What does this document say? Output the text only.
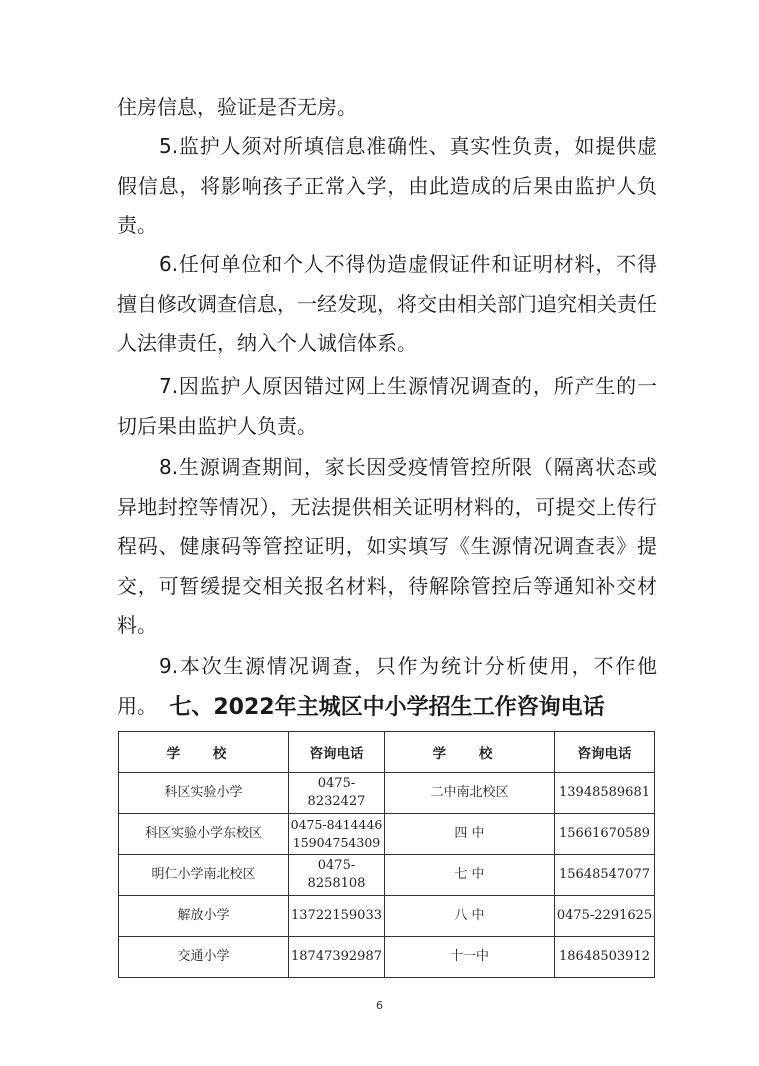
住房信息，验证是否无房。

5.监护人须对所填信息准确性、真实性负责，如提供虚假信息，将影响孩子正常入学，由此造成的后果由监护人负责。

6.任何单位和个人不得伪造虚假证件和证明材料，不得擅自修改调查信息，一经发现，将交由相关部门追究相关责任人法律责任，纳入个人诚信体系。

7.因监护人原因错过网上生源情况调查的，所产生的一切后果由监护人负责。

8.生源调查期间，家长因受疫情管控所限（隔离状态或异地封控等情况），无法提供相关证明材料的，可提交上传行程码、健康码等管控证明，如实填写《生源情况调查表》提交，可暂缓提交相关报名材料，待解除管控后等通知补交材料。

9.本次生源情况调查，只作为统计分析使用，不作他用。 七、2022年主城区中小学招生工作咨询电话
学 校	咨询电话	学 校	咨询电话
科区实验小学	0475-8232427	二中南北校区	13948589681
科区实验小学东校区	0475-8414446 15904754309	四 中	15661670589
明仁小学南北校区	0475-8258108	七 中	15648547077
解放小学	13722159033	八 中	0475-2291625
交通小学	18747392987	十一中	18648503912
6
